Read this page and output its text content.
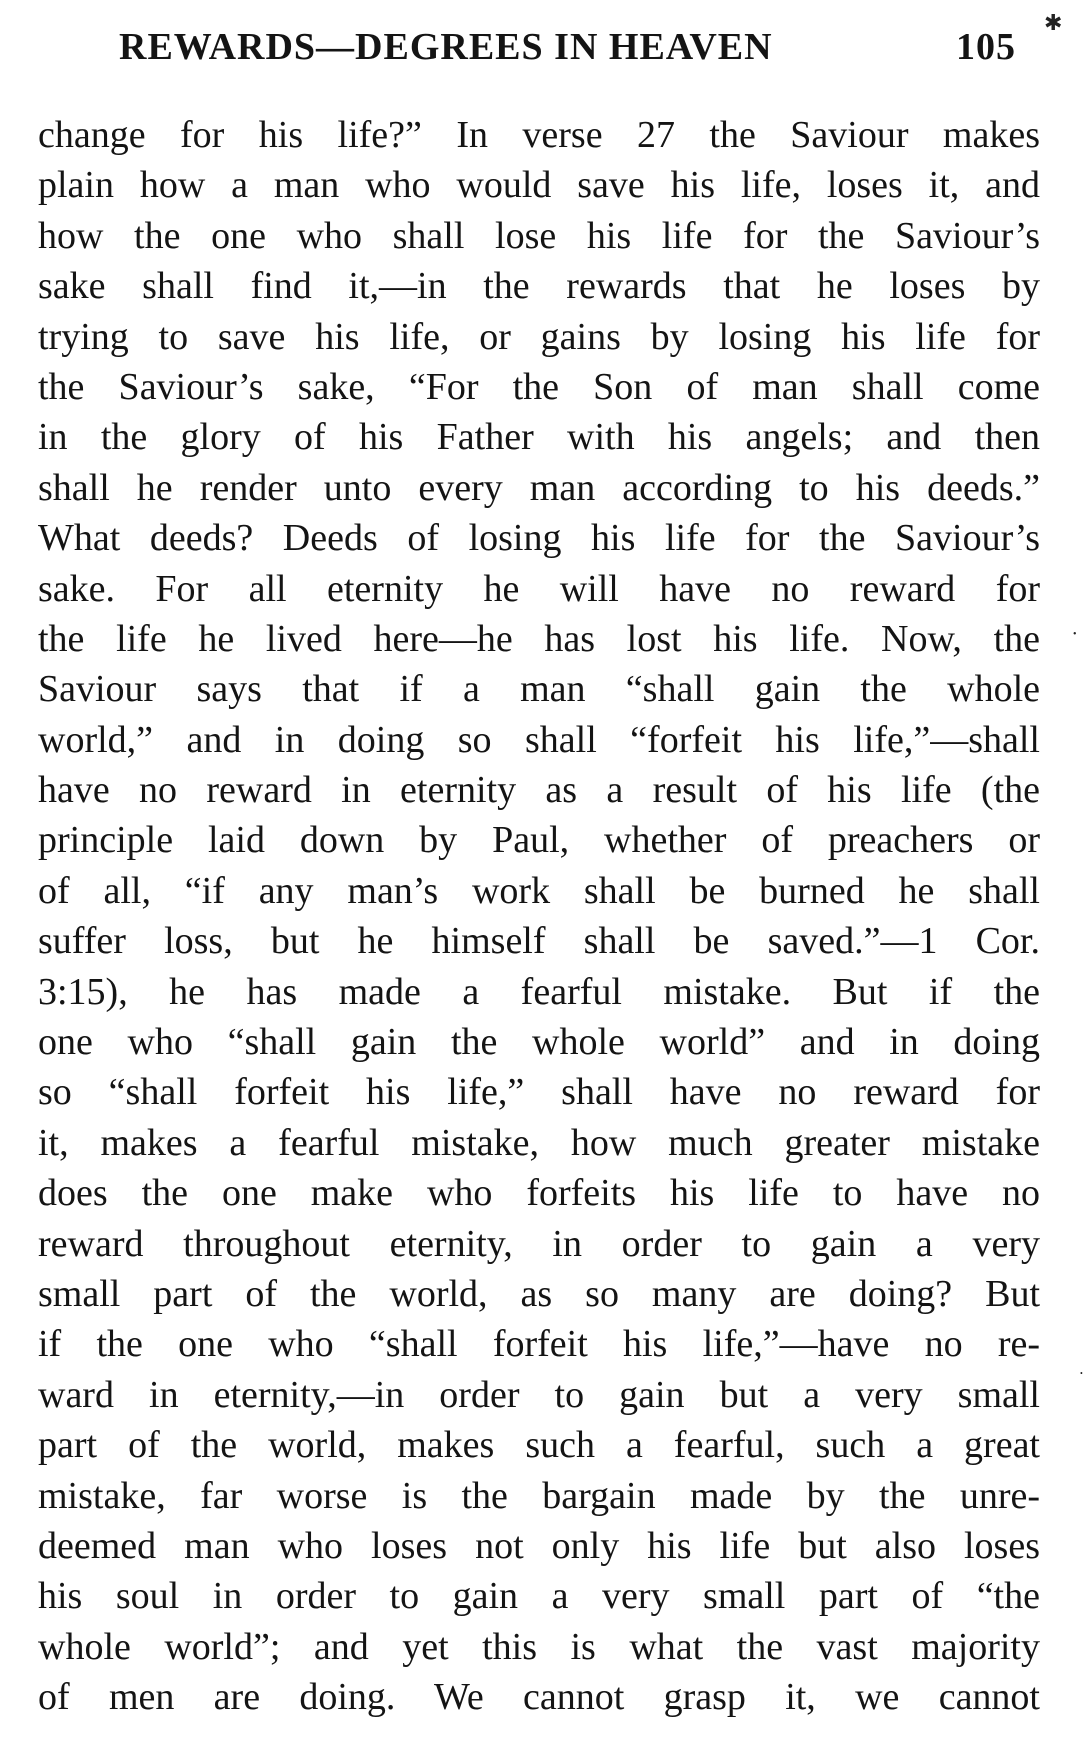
REWARDS—DEGREES IN HEAVEN	105
✱
•
•
change for his life?” In verse 27 the Saviour makes
plain how a man who would save his life, loses it, and
how the one who shall lose his life for the Saviour’s
sake shall find it,—in the rewards that he loses by
trying to save his life, or gains by losing his life for
the Saviour’s sake, “For the Son of man shall come
in the glory of his Father with his angels; and then
shall he render unto every man according to his deeds.”
What deeds? Deeds of losing his life for the Saviour’s
sake. For all eternity he will have no reward for
the life he lived here—he has lost his life. Now, the
Saviour says that if a man “shall gain the whole
world,” and in doing so shall “forfeit his life,”—shall
have no reward in eternity as a result of his life (the
principle laid down by Paul, whether of preachers or
of all, “if any man’s work shall be burned he shall
suffer loss, but he himself shall be saved.”—1 Cor.
3:15), he has made a fearful mistake. But if the
one who “shall gain the whole world” and in doing
so “shall forfeit his life,” shall have no reward for
it, makes a fearful mistake, how much greater mistake
does the one make who forfeits his life to have no
reward throughout eternity, in order to gain a very
small part of the world, as so many are doing? But
if the one who “shall forfeit his life,”—have no re-
ward in eternity,—in order to gain but a very small
part of the world, makes such a fearful, such a great
mistake, far worse is the bargain made by the unre-
deemed man who loses not only his life but also loses
his soul in order to gain a very small part of “the
whole world”; and yet this is what the vast majority
of men are doing. We cannot grasp it, we cannot
